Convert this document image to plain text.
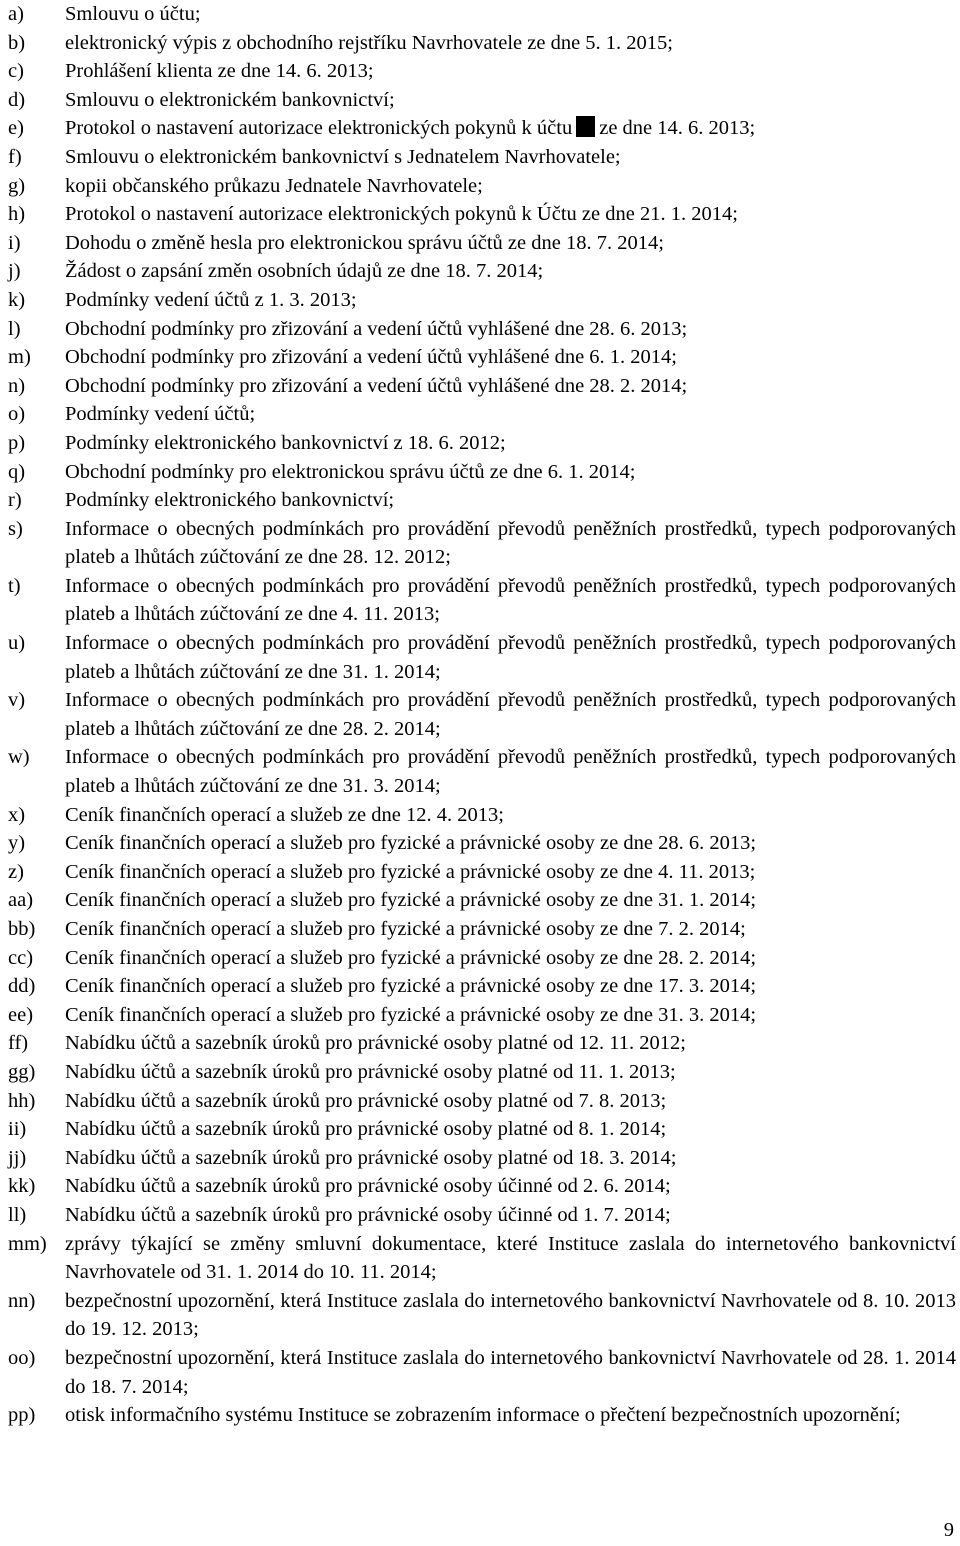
a)	Smlouvu o účtu;
b)	elektronický výpis z obchodního rejstříku Navrhovatele ze dne 5. 1. 2015;
c)	Prohlášení klienta ze dne 14. 6. 2013;
d)	Smlouvu o elektronickém bankovnictví;
e)	Protokol o nastavení autorizace elektronických pokynů k účtu ze dne 14. 6. 2013;
f)	Smlouvu o elektronickém bankovnictví s Jednatelem Navrhovatele;
g)	kopii občanského průkazu Jednatele Navrhovatele;
h)	Protokol o nastavení autorizace elektronických pokynů k Účtu ze dne 21. 1. 2014;
i)	Dohodu o změně hesla pro elektronickou správu účtů ze dne 18. 7. 2014;
j)	Žádost o zapsání změn osobních údajů ze dne 18. 7. 2014;
k)	Podmínky vedení účtů z 1. 3. 2013;
l)	Obchodní podmínky pro zřizování a vedení účtů vyhlášené dne 28. 6. 2013;
m)	Obchodní podmínky pro zřizování a vedení účtů vyhlášené dne 6. 1. 2014;
n)	Obchodní podmínky pro zřizování a vedení účtů vyhlášené dne 28. 2. 2014;
o)	Podmínky vedení účtů;
p)	Podmínky elektronického bankovnictví z 18. 6. 2012;
q)	Obchodní podmínky pro elektronickou správu účtů ze dne 6. 1. 2014;
r)	Podmínky elektronického bankovnictví;
s)	Informace o obecných podmínkách pro provádění převodů peněžních prostředků, typech podporovaných plateb a lhůtách zúčtování ze dne 28. 12. 2012;
t)	Informace o obecných podmínkách pro provádění převodů peněžních prostředků, typech podporovaných plateb a lhůtách zúčtování ze dne 4. 11. 2013;
u)	Informace o obecných podmínkách pro provádění převodů peněžních prostředků, typech podporovaných plateb a lhůtách zúčtování ze dne 31. 1. 2014;
v)	Informace o obecných podmínkách pro provádění převodů peněžních prostředků, typech podporovaných plateb a lhůtách zúčtování ze dne 28. 2. 2014;
w)	Informace o obecných podmínkách pro provádění převodů peněžních prostředků, typech podporovaných plateb a lhůtách zúčtování ze dne 31. 3. 2014;
x)	Ceník finančních operací a služeb ze dne 12. 4. 2013;
y)	Ceník finančních operací a služeb pro fyzické a právnické osoby ze dne 28. 6. 2013;
z)	Ceník finančních operací a služeb pro fyzické a právnické osoby ze dne 4. 11. 2013;
aa)	Ceník finančních operací a služeb pro fyzické a právnické osoby ze dne 31. 1. 2014;
bb)	Ceník finančních operací a služeb pro fyzické a právnické osoby ze dne 7. 2. 2014;
cc)	Ceník finančních operací a služeb pro fyzické a právnické osoby ze dne 28. 2. 2014;
dd)	Ceník finančních operací a služeb pro fyzické a právnické osoby ze dne 17. 3. 2014;
ee)	Ceník finančních operací a služeb pro fyzické a právnické osoby ze dne 31. 3. 2014;
ff)	Nabídku účtů a sazebník úroků pro právnické osoby platné od 12. 11. 2012;
gg)	Nabídku účtů a sazebník úroků pro právnické osoby platné od 11. 1. 2013;
hh)	Nabídku účtů a sazebník úroků pro právnické osoby platné od 7. 8. 2013;
ii)	Nabídku účtů a sazebník úroků pro právnické osoby platné od 8. 1. 2014;
jj)	Nabídku účtů a sazebník úroků pro právnické osoby platné od 18. 3. 2014;
kk)	Nabídku účtů a sazebník úroků pro právnické osoby účinné od 2. 6. 2014;
ll)	Nabídku účtů a sazebník úroků pro právnické osoby účinné od 1. 7. 2014;
mm) zprávy týkající se změny smluvní dokumentace, které Instituce zaslala do internetového bankovnictví Navrhovatele od 31. 1. 2014 do 10. 11. 2014;
nn)	bezpečnostní upozornění, která Instituce zaslala do internetového bankovnictví Navrhovatele od 8. 10. 2013 do 19. 12. 2013;
oo)	bezpečnostní upozornění, která Instituce zaslala do internetového bankovnictví Navrhovatele od 28. 1. 2014 do 18. 7. 2014;
pp)	otisk informačního systému Instituce se zobrazením informace o přečtení bezpečnostních upozornění;
9
